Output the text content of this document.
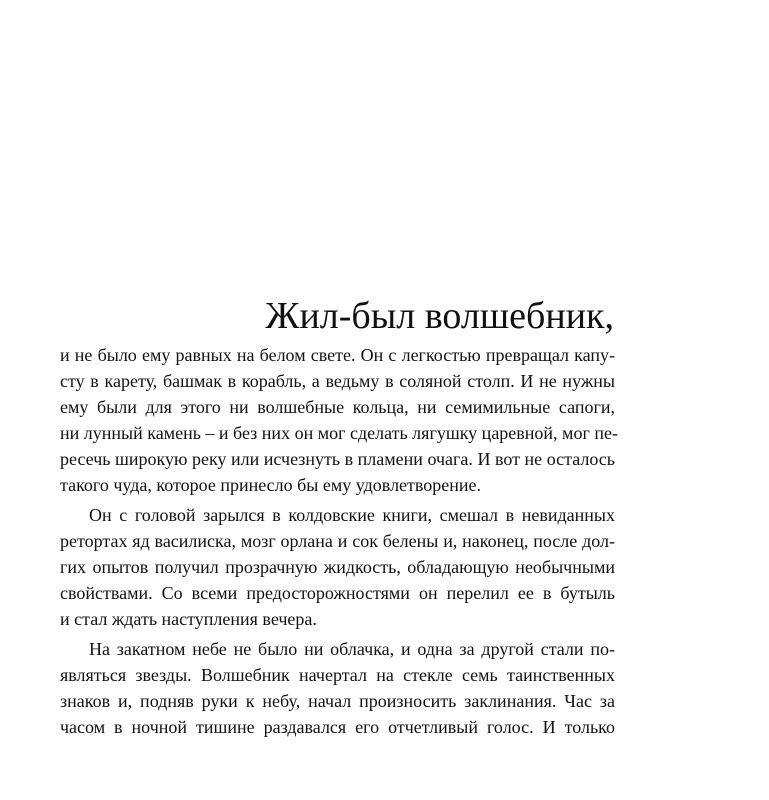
Жил-был волшебник,
и не было ему равных на белом свете. Он с легкостью превращал капу-
сту в карету, башмак в корабль, а ведьму в соляной столп. И не нужны
ему были для этого ни волшебные кольца, ни семимильные сапоги,
ни лунный камень – и без них он мог сделать лягушку царевной, мог пе-
ресечь широкую реку или исчезнуть в пламени очага. И вот не осталось
такого чуда, которое принесло бы ему удовлетворение.
Он с головой зарылся в колдовские книги, смешал в невиданных
ретортах яд василиска, мозг орлана и сок белены и, наконец, после дол-
гих опытов получил прозрачную жидкость, обладающую необычными
свойствами. Со всеми предосторожностями он перелил ее в бутыль
и стал ждать наступления вечера.
На закатном небе не было ни облачка, и одна за другой стали по-
являться звезды. Волшебник начертал на стекле семь таинственных
знаков и, подняв руки к небу, начал произносить заклинания. Час за
часом в ночной тишине раздавался его отчетливый голос. И только
